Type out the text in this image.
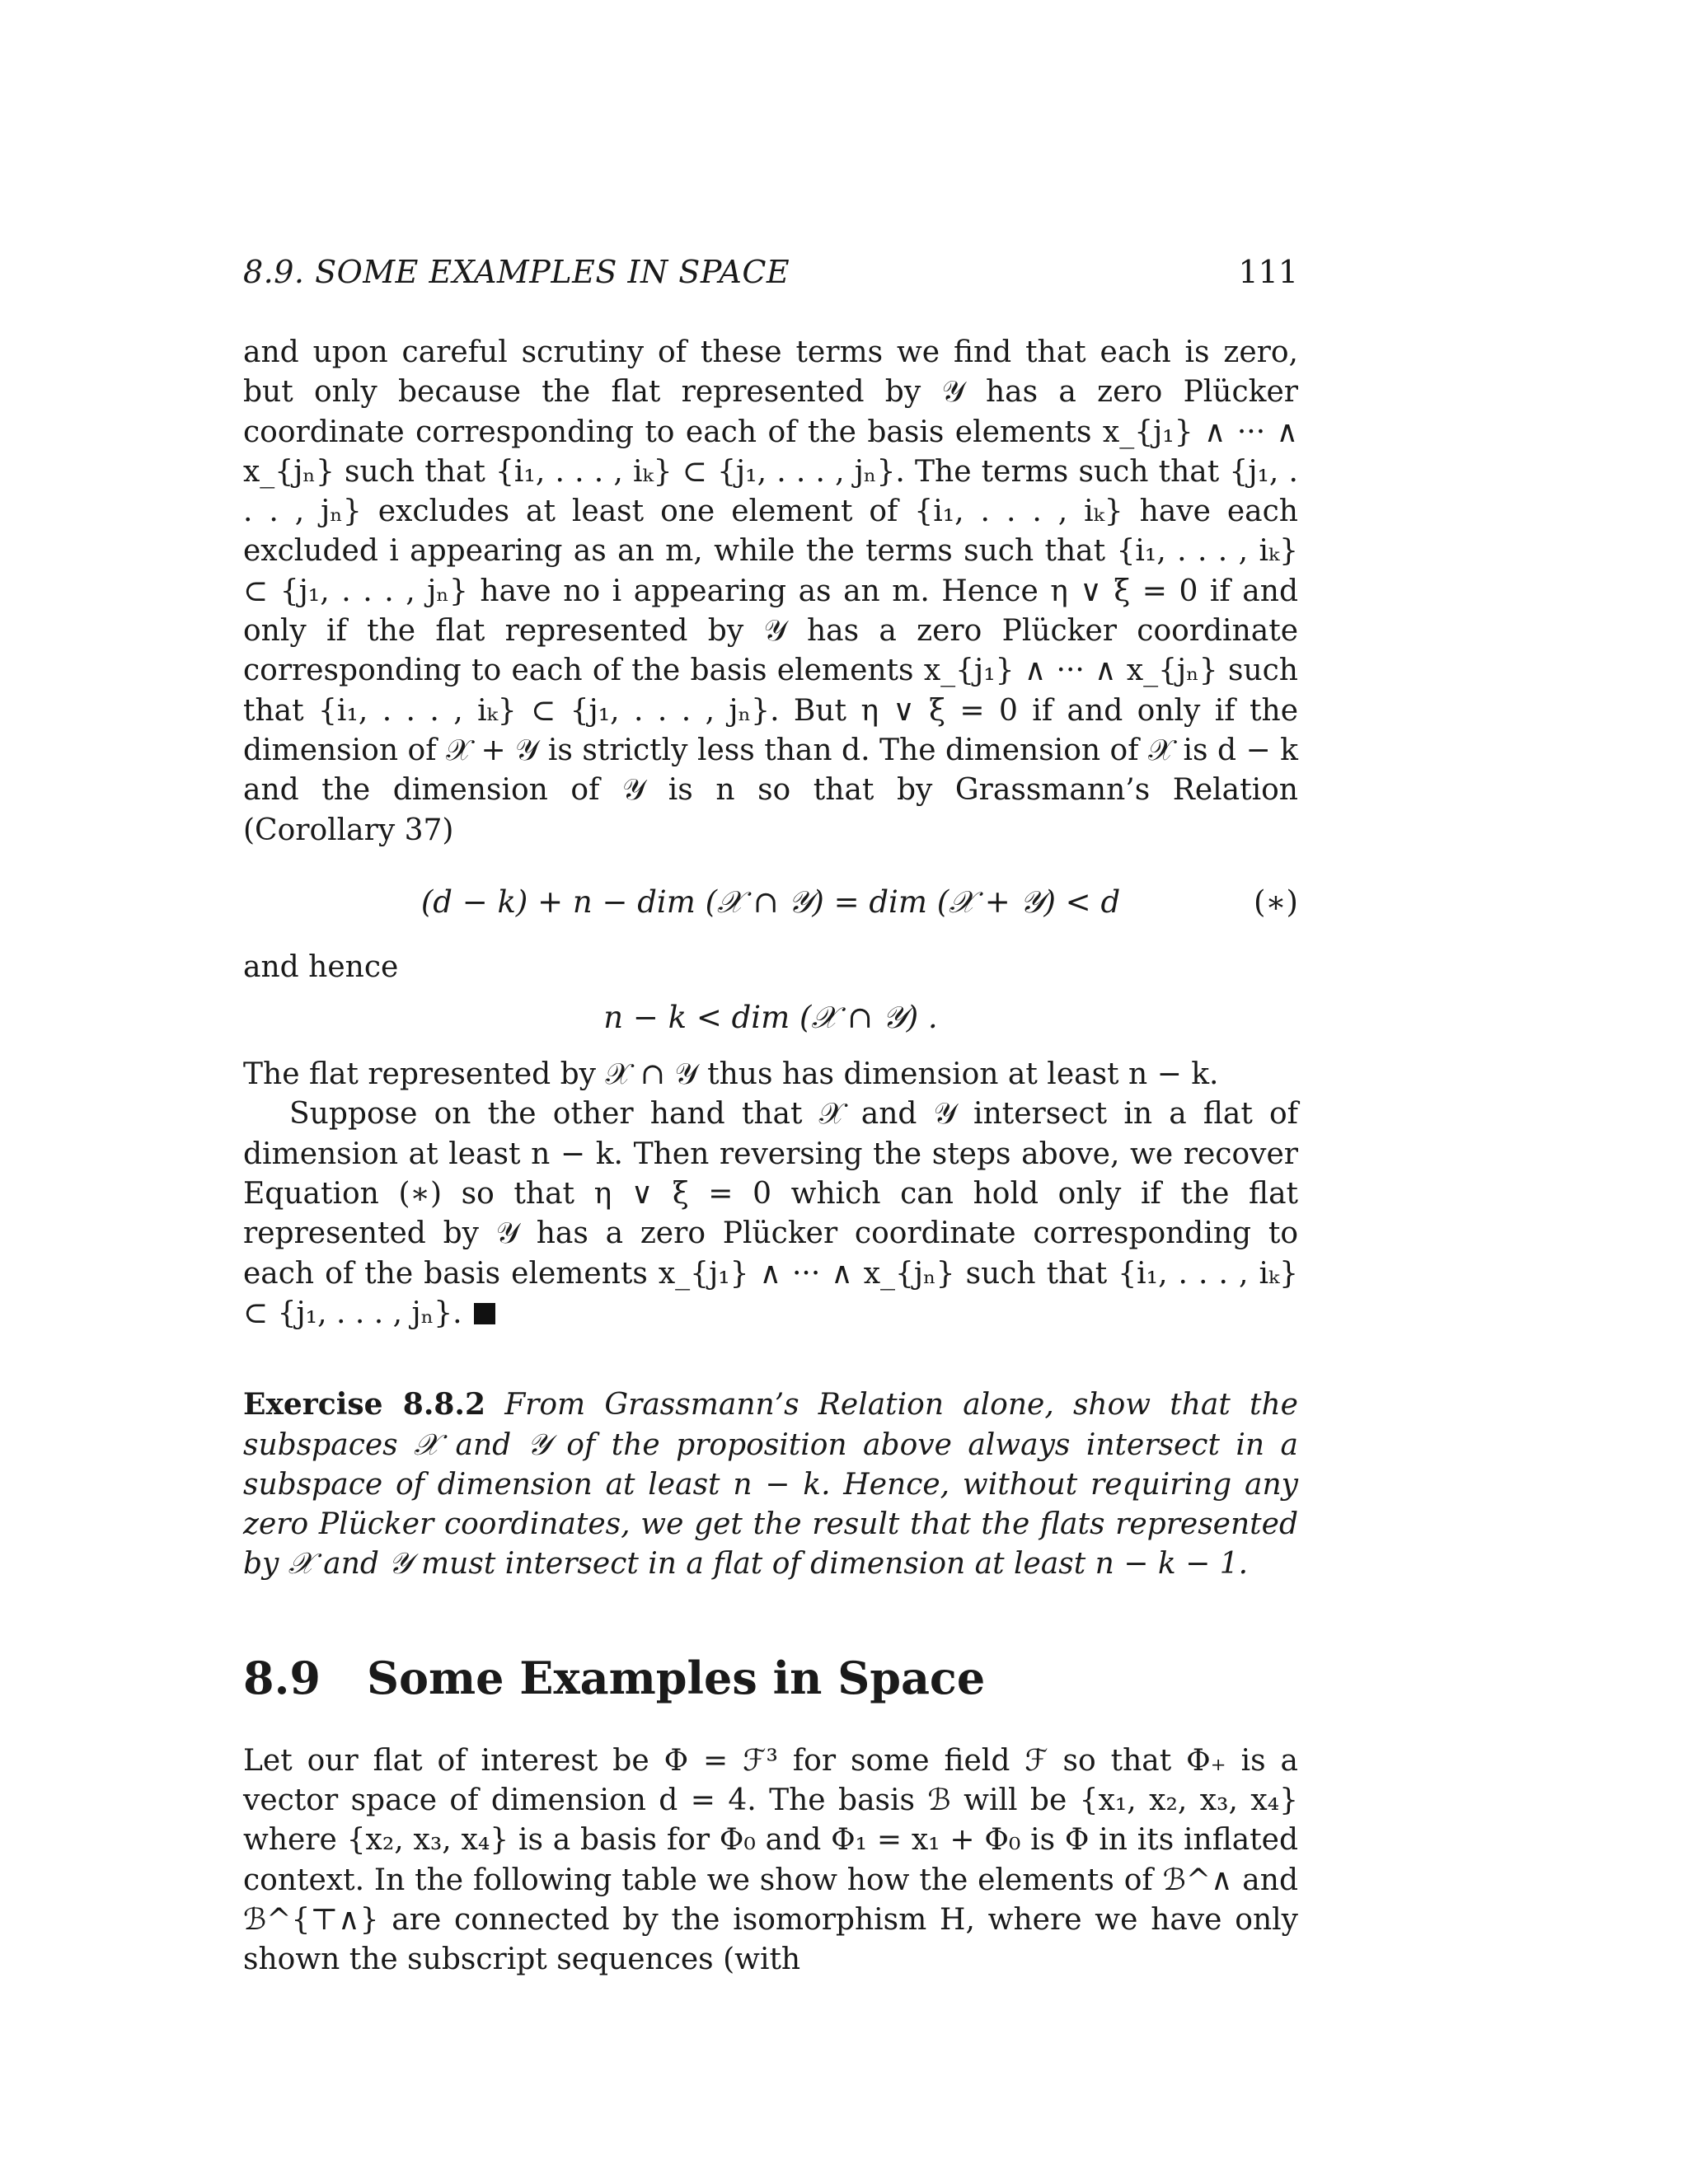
8.9. SOME EXAMPLES IN SPACE	111

and upon careful scrutiny of these terms we find that each is zero, but only because the flat represented by 𝒴 has a zero Plücker coordinate corresponding to each of the basis elements x_{j₁} ∧ ··· ∧ x_{jₙ} such that {i₁, . . . , iₖ} ⊂ {j₁, . . . , jₙ}. The terms such that {j₁, . . . , jₙ} excludes at least one element of {i₁, . . . , iₖ} have each excluded i appearing as an m, while the terms such that {i₁, . . . , iₖ} ⊂ {j₁, . . . , jₙ} have no i appearing as an m. Hence η ∨ ξ = 0 if and only if the flat represented by 𝒴 has a zero Plücker coordinate corresponding to each of the basis elements x_{j₁} ∧ ··· ∧ x_{jₙ} such that {i₁, . . . , iₖ} ⊂ {j₁, . . . , jₙ}. But η ∨ ξ = 0 if and only if the dimension of 𝒳 + 𝒴 is strictly less than d. The dimension of 𝒳 is d − k and the dimension of 𝒴 is n so that by Grassmann’s Relation (Corollary 37)

(d − k) + n − dim (𝒳 ∩ 𝒴) = dim (𝒳 + 𝒴) < d	(∗)

and hence

n − k < dim (𝒳 ∩ 𝒴) .

The flat represented by 𝒳 ∩ 𝒴 thus has dimension at least n − k.

Suppose on the other hand that 𝒳 and 𝒴 intersect in a flat of dimension at least n − k. Then reversing the steps above, we recover Equation (∗) so that η ∨ ξ = 0 which can hold only if the flat represented by 𝒴 has a zero Plücker coordinate corresponding to each of the basis elements x_{j₁} ∧ ··· ∧ x_{jₙ} such that {i₁, . . . , iₖ} ⊂ {j₁, . . . , jₙ}.

Exercise 8.8.2 From Grassmann’s Relation alone, show that the subspaces 𝒳 and 𝒴 of the proposition above always intersect in a subspace of dimension at least n − k. Hence, without requiring any zero Plücker coordinates, we get the result that the flats represented by 𝒳 and 𝒴 must intersect in a flat of dimension at least n − k − 1.
8.9 Some Examples in Space

Let our flat of interest be Φ = ℱ³ for some field ℱ so that Φ₊ is a vector space of dimension d = 4. The basis ℬ will be {x₁, x₂, x₃, x₄} where {x₂, x₃, x₄} is a basis for Φ₀ and Φ₁ = x₁ + Φ₀ is Φ in its inflated context. In the following table we show how the elements of ℬ^∧ and ℬ^{⊤∧} are connected by the isomorphism H, where we have only shown the subscript sequences (with
